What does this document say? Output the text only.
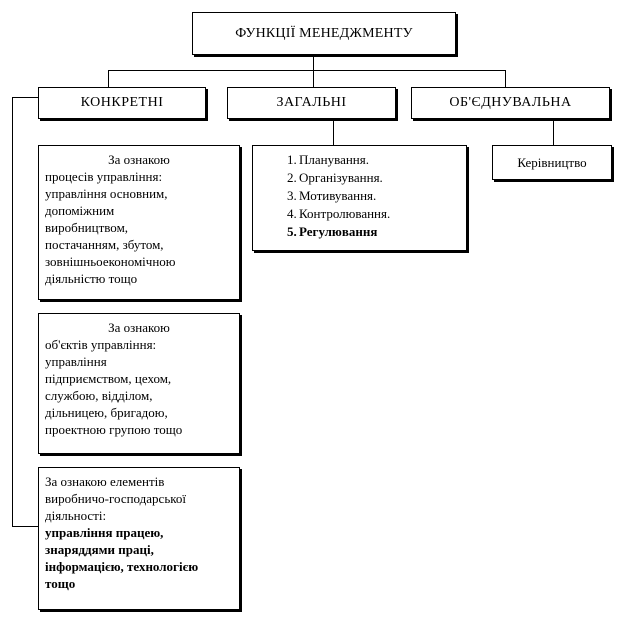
ФУНКЦІЇ МЕНЕДЖМЕНТУ
КОНКРЕТНІ	ЗАГАЛЬНІ	ОБ'ЄДНУВАЛЬНА
За ознакою
процесів управління:
управління основним,
допоміжним
виробництвом,
постачанням, збутом,
зовнішньоекономічною
діяльністю тощо
За ознакою
об'єктів управління:
управління
підприємством, цехом,
службою, відділом,
дільницею, бригадою,
проектною групою тощо
За ознакою елементів
виробничо-господарської
діяльності:
управління працею,
знаряддями праці,
інформацією, технологією
тощо
1. Планування.
2. Організування.
3. Мотивування.
4. Контролювання.
5. Регулювання
Керівництво
